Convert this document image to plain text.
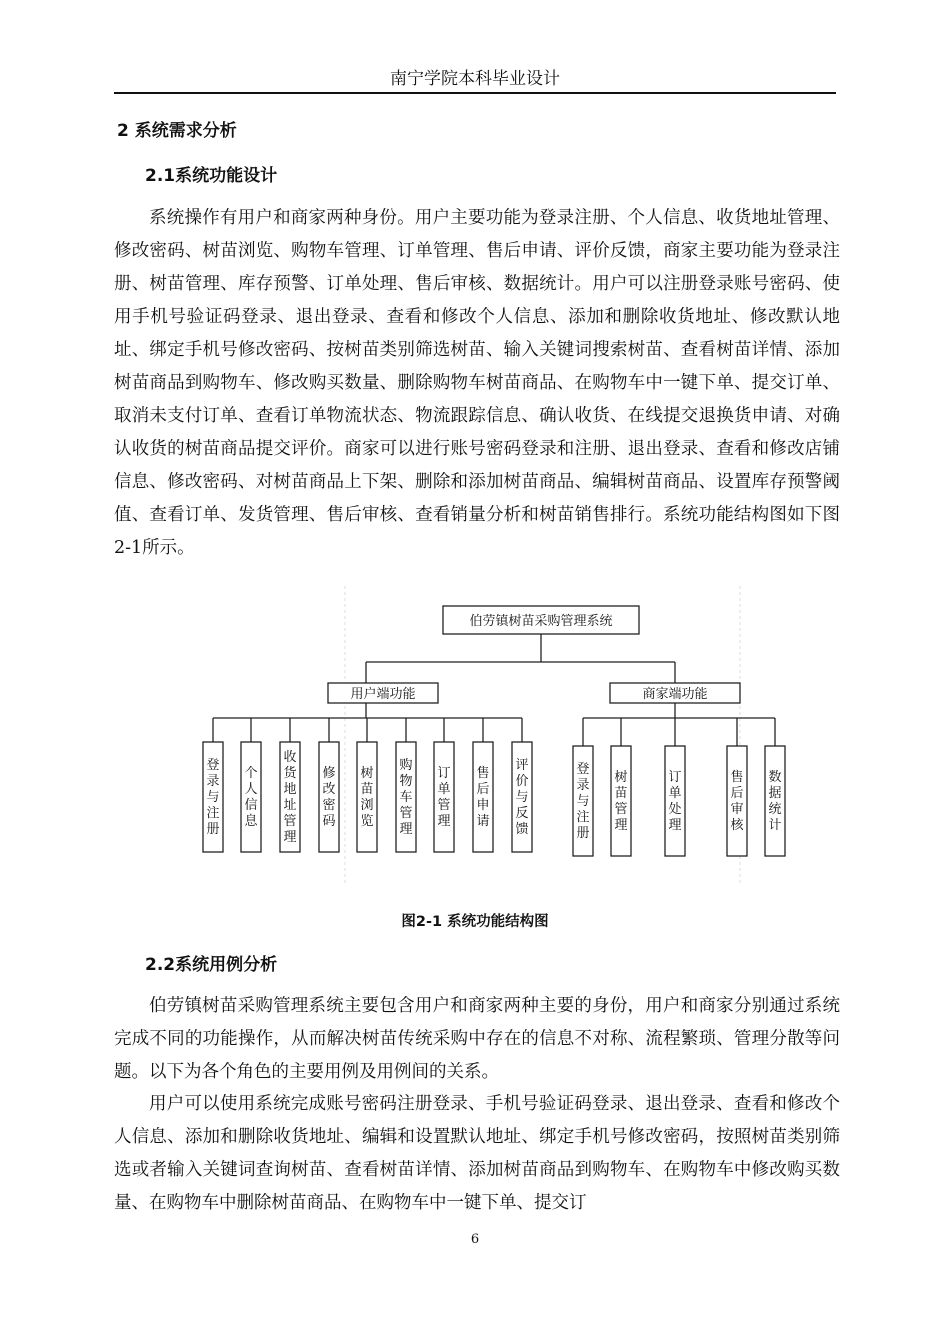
南宁学院本科毕业设计
2 系统需求分析
2.1系统功能设计

系统操作有用户和商家两种身份。用户主要功能为登录注册、个人信息、收货地址管理、修改密码、树苗浏览、购物车管理、订单管理、售后申请、评价反馈，商家主要功能为登录注册、树苗管理、库存预警、订单处理、售后审核、数据统计。用户可以注册登录账号密码、使用手机号验证码登录、退出登录、查看和修改个人信息、添加和删除收货地址、修改默认地址、绑定手机号修改密码、按树苗类别筛选树苗、输入关键词搜索树苗、查看树苗详情、添加树苗商品到购物车、修改购买数量、删除购物车树苗商品、在购物车中一键下单、提交订单、取消未支付订单、查看订单物流状态、物流跟踪信息、确认收货、在线提交退换货申请、对确认收货的树苗商品提交评价。商家可以进行账号密码登录和注册、退出登录、查看和修改店铺信息、修改密码、对树苗商品上下架、删除和添加树苗商品、编辑树苗商品、设置库存预警阈值、查看订单、发货管理、售后审核、查看销量分析和树苗销售排行。系统功能结构图如下图2-1所示。

伯劳镇树苗采购管理系统
用户端功能	商家端功能
登录与注册
个人信息
收货地址管理
修改密码
树苗浏览
购物车管理
订单管理
售后申请
评价与反馈
登录与注册
树苗管理
订单处理
售后审核
数据统计
图2-1 系统功能结构图
2.2系统用例分析

伯劳镇树苗采购管理系统主要包含用户和商家两种主要的身份，用户和商家分别通过系统完成不同的功能操作，从而解决树苗传统采购中存在的信息不对称、流程繁琐、管理分散等问题。以下为各个角色的主要用例及用例间的关系。

用户可以使用系统完成账号密码注册登录、手机号验证码登录、退出登录、查看和修改个人信息、添加和删除收货地址、编辑和设置默认地址、绑定手机号修改密码，按照树苗类别筛选或者输入关键词查询树苗、查看树苗详情、添加树苗商品到购物车、在购物车中修改购买数量、在购物车中删除树苗商品、在购物车中一键下单、提交订

6
